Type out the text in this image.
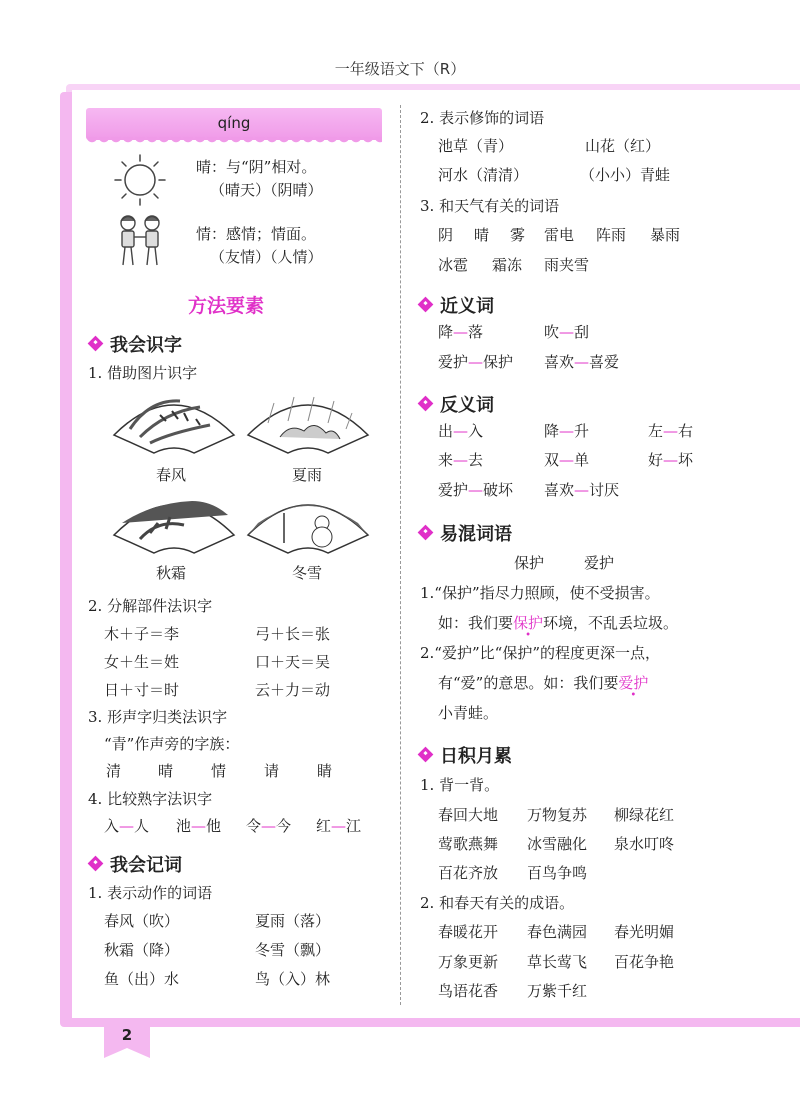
一年级语文下（R）
qíng
晴：与“阴”相对。
（晴天）（阴晴）
情：感情；情面。
（友情）（人情）
方法要素
我会识字
1. 借助图片识字
春风	夏雨
秋霜	冬雪
2. 分解部件法识字
木＋子＝李	弓＋长＝张
女＋生＝姓	口＋天＝吴
日＋寸＝时	云＋力＝动
3. 形声字归类法识字
“青”作声旁的字族：
清 晴	情	请	睛
4. 比较熟字法识字
入—人 池—他 令—今 红—江
我会记词
1. 表示动作的词语
春风（吹）	夏雨（落）
秋霜（降）	冬雪（飘）
鱼（出）水	鸟（入）林
2. 表示修饰的词语
池草（青）	山花（红）
河水（清清）	（小小）青蛙
3. 和天气有关的词语
阴 晴 雾 雷电 阵雨 暴雨
冰雹 霜冻 雨夹雪
近义词
降—落	吹—刮
爱护—保护 喜欢—喜爱
反义词
出—入	降—升	左—右
来—去	双—单	好—坏
爱护—破坏 喜欢—讨厌
易混词语
保护	爱护
1.“保护”指尽力照顾，使不受损害。
如：我们要保护环境，不乱丢垃圾。
2.“爱护”比“保护”的程度更深一点，
有“爱”的意思。如：我们要爱护
小青蛙。
日积月累
1. 背一背。
春回大地 万物复苏 柳绿花红
莺歌燕舞 冰雪融化 泉水叮咚
百花齐放 百鸟争鸣
2. 和春天有关的成语。
春暖花开 春色满园 春光明媚
万象更新 草长莺飞 百花争艳
鸟语花香 万紫千红
2
